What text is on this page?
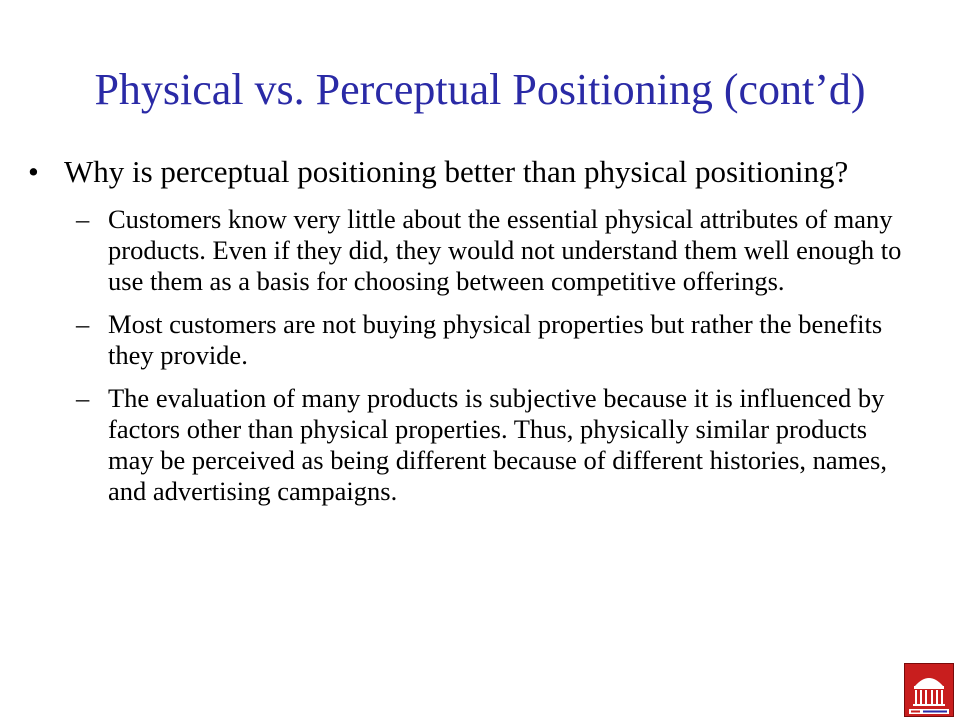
Physical vs. Perceptual Positioning (cont’d)
• Why is perceptual positioning better than physical positioning?
– Customers know very little about the essential physical attributes of many products. Even if they did, they would not understand them well enough to use them as a basis for choosing between competitive offerings.
– Most customers are not buying physical properties but rather the benefits they provide.
– The evaluation of many products is subjective because it is influenced by factors other than physical properties. Thus, physically similar products may be perceived as being different because of different histories, names, and advertising campaigns.
